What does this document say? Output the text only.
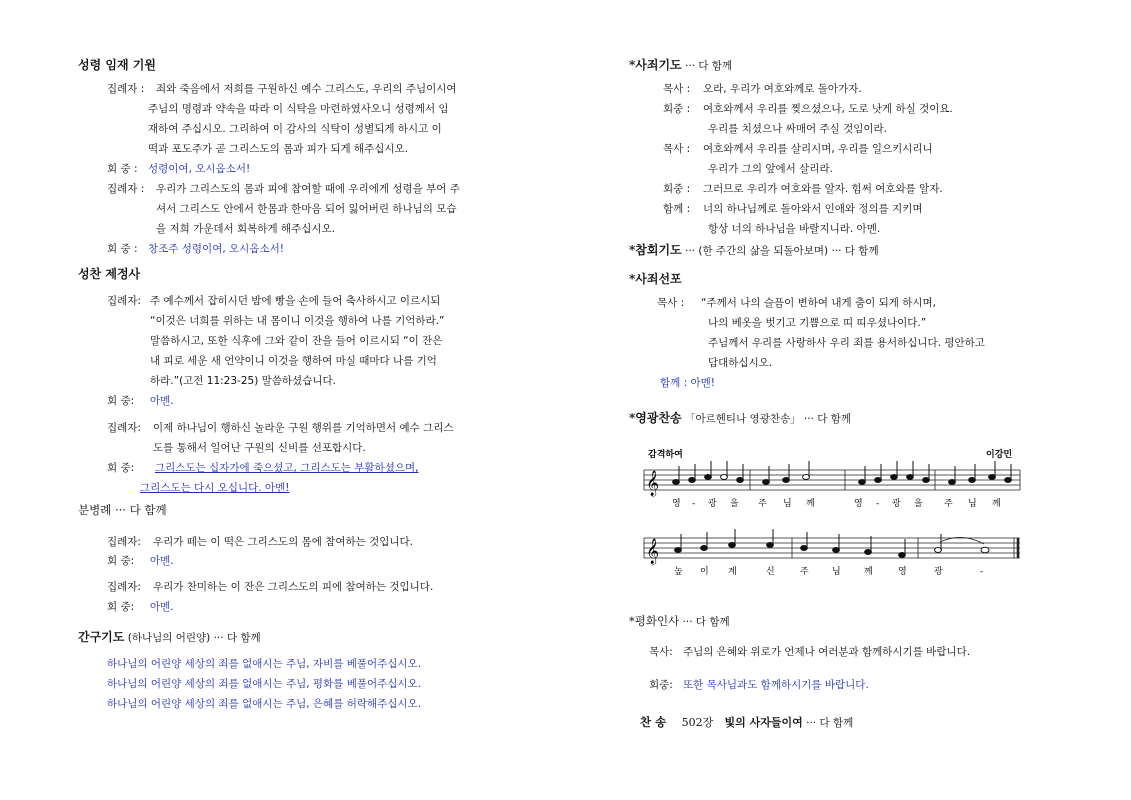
성령 임재 기원
집례자 : 죄와 죽음에서 저희를 구원하신 예수 그리스도, 우리의 주님이시여
주님의 명령과 약속을 따라 이 식탁을 마련하였사오니 성령께서 임
재하여 주십시오. 그리하여 이 감사의 식탁이 성별되게 하시고 이
떡과 포도주가 곧 그리스도의 몸과 피가 되게 해주십시오.
회 중 : 성령이여, 오시옵소서!
집례자 : 우리가 그리스도의 몸과 피에 참여할 때에 우리에게 성령을 부어 주
셔서 그리스도 안에서 한몸과 한마음 되어 잃어버린 하나님의 모습
을 저희 가운데서 회복하게 해주십시오.
회 중 : 창조주 성령이여, 오시옵소서!
성찬 제정사
집례자: 주 예수께서 잡히시던 밤에 빵을 손에 들어 축사하시고 이르시되
“이것은 너희를 위하는 내 몸이니 이것을 행하여 나를 기억하라.”
말씀하시고, 또한 식후에 그와 같이 잔을 들어 이르시되 “이 잔은
내 피로 세운 새 언약이니 이것을 행하여 마실 때마다 나를 기억
하라.”(고전 11:23-25) 말씀하셨습니다.
회 중: 아멘.
집례자: 이제 하나님이 행하신 놀라운 구원 행위를 기억하면서 예수 그리스
도를 통해서 일어난 구원의 신비를 선포합시다.
회 중: 그리스도는 십자가에 죽으셨고, 그리스도는 부활하셨으며,
그리스도는 다시 오십니다. 아멘!
분병례 ··· 다 함께
집례자: 우리가 떼는 이 떡은 그리스도의 몸에 참여하는 것입니다.
회 중: 아멘.
집례자: 우리가 찬미하는 이 잔은 그리스도의 피에 참여하는 것입니다.
회 중: 아멘.
간구기도 (하나님의 어린양) ··· 다 함께
하나님의 어린양 세상의 죄를 없애시는 주님, 자비를 베풀어주십시오.
하나님의 어린양 세상의 죄를 없애시는 주님, 평화를 베풀어주십시오.
하나님의 어린양 세상의 죄를 없애시는 주님, 은혜를 허락해주십시오.
*사죄기도 ··· 다 함께
목사 : 오라, 우리가 여호와께로 돌아가자.
회중 : 여호와께서 우리를 찢으셨으나, 도로 낫게 하실 것이요.
우리를 치셨으나 싸매어 주실 것임이라.
목사 : 여호와께서 우리를 살리시며, 우리를 일으키시리니
우리가 그의 앞에서 살리라.
회중 : 그러므로 우리가 여호와를 알자. 힘써 여호와를 알자.
함께 : 너의 하나님께로 돌아와서 인애와 정의를 지키며
항상 너의 하나님을 바랄지니라. 아멘.
*참회기도 ··· (한 주간의 삶을 되돌아보며) ··· 다 함께
*사죄선포
목사 : “주께서 나의 슬픔이 변하여 내게 춤이 되게 하시며,
나의 베옷을 벗기고 기쁨으로 띠 띠우셨나이다.”
주님께서 우리를 사랑하사 우리 죄를 용서하십니다. 평안하고
담대하십시오.
함께 : 아멘!
*영광찬송 「아르헨티나 영광찬송」 ··· 다 함께
감격하여	이강민
𝄞
영 - 광 을 주 님 께	영 - 광 을 주 님 께
𝄞
높 이 계	신	주	님	께	영	광	-
*평화인사 ··· 다 함께
목사: 주님의 은혜와 위로가 언제나 여러분과 함께하시기를 바랍니다.
회중: 또한 목사님과도 함께하시기를 바랍니다.
찬 송 502장 빛의 사자들이여 ··· 다 함께
